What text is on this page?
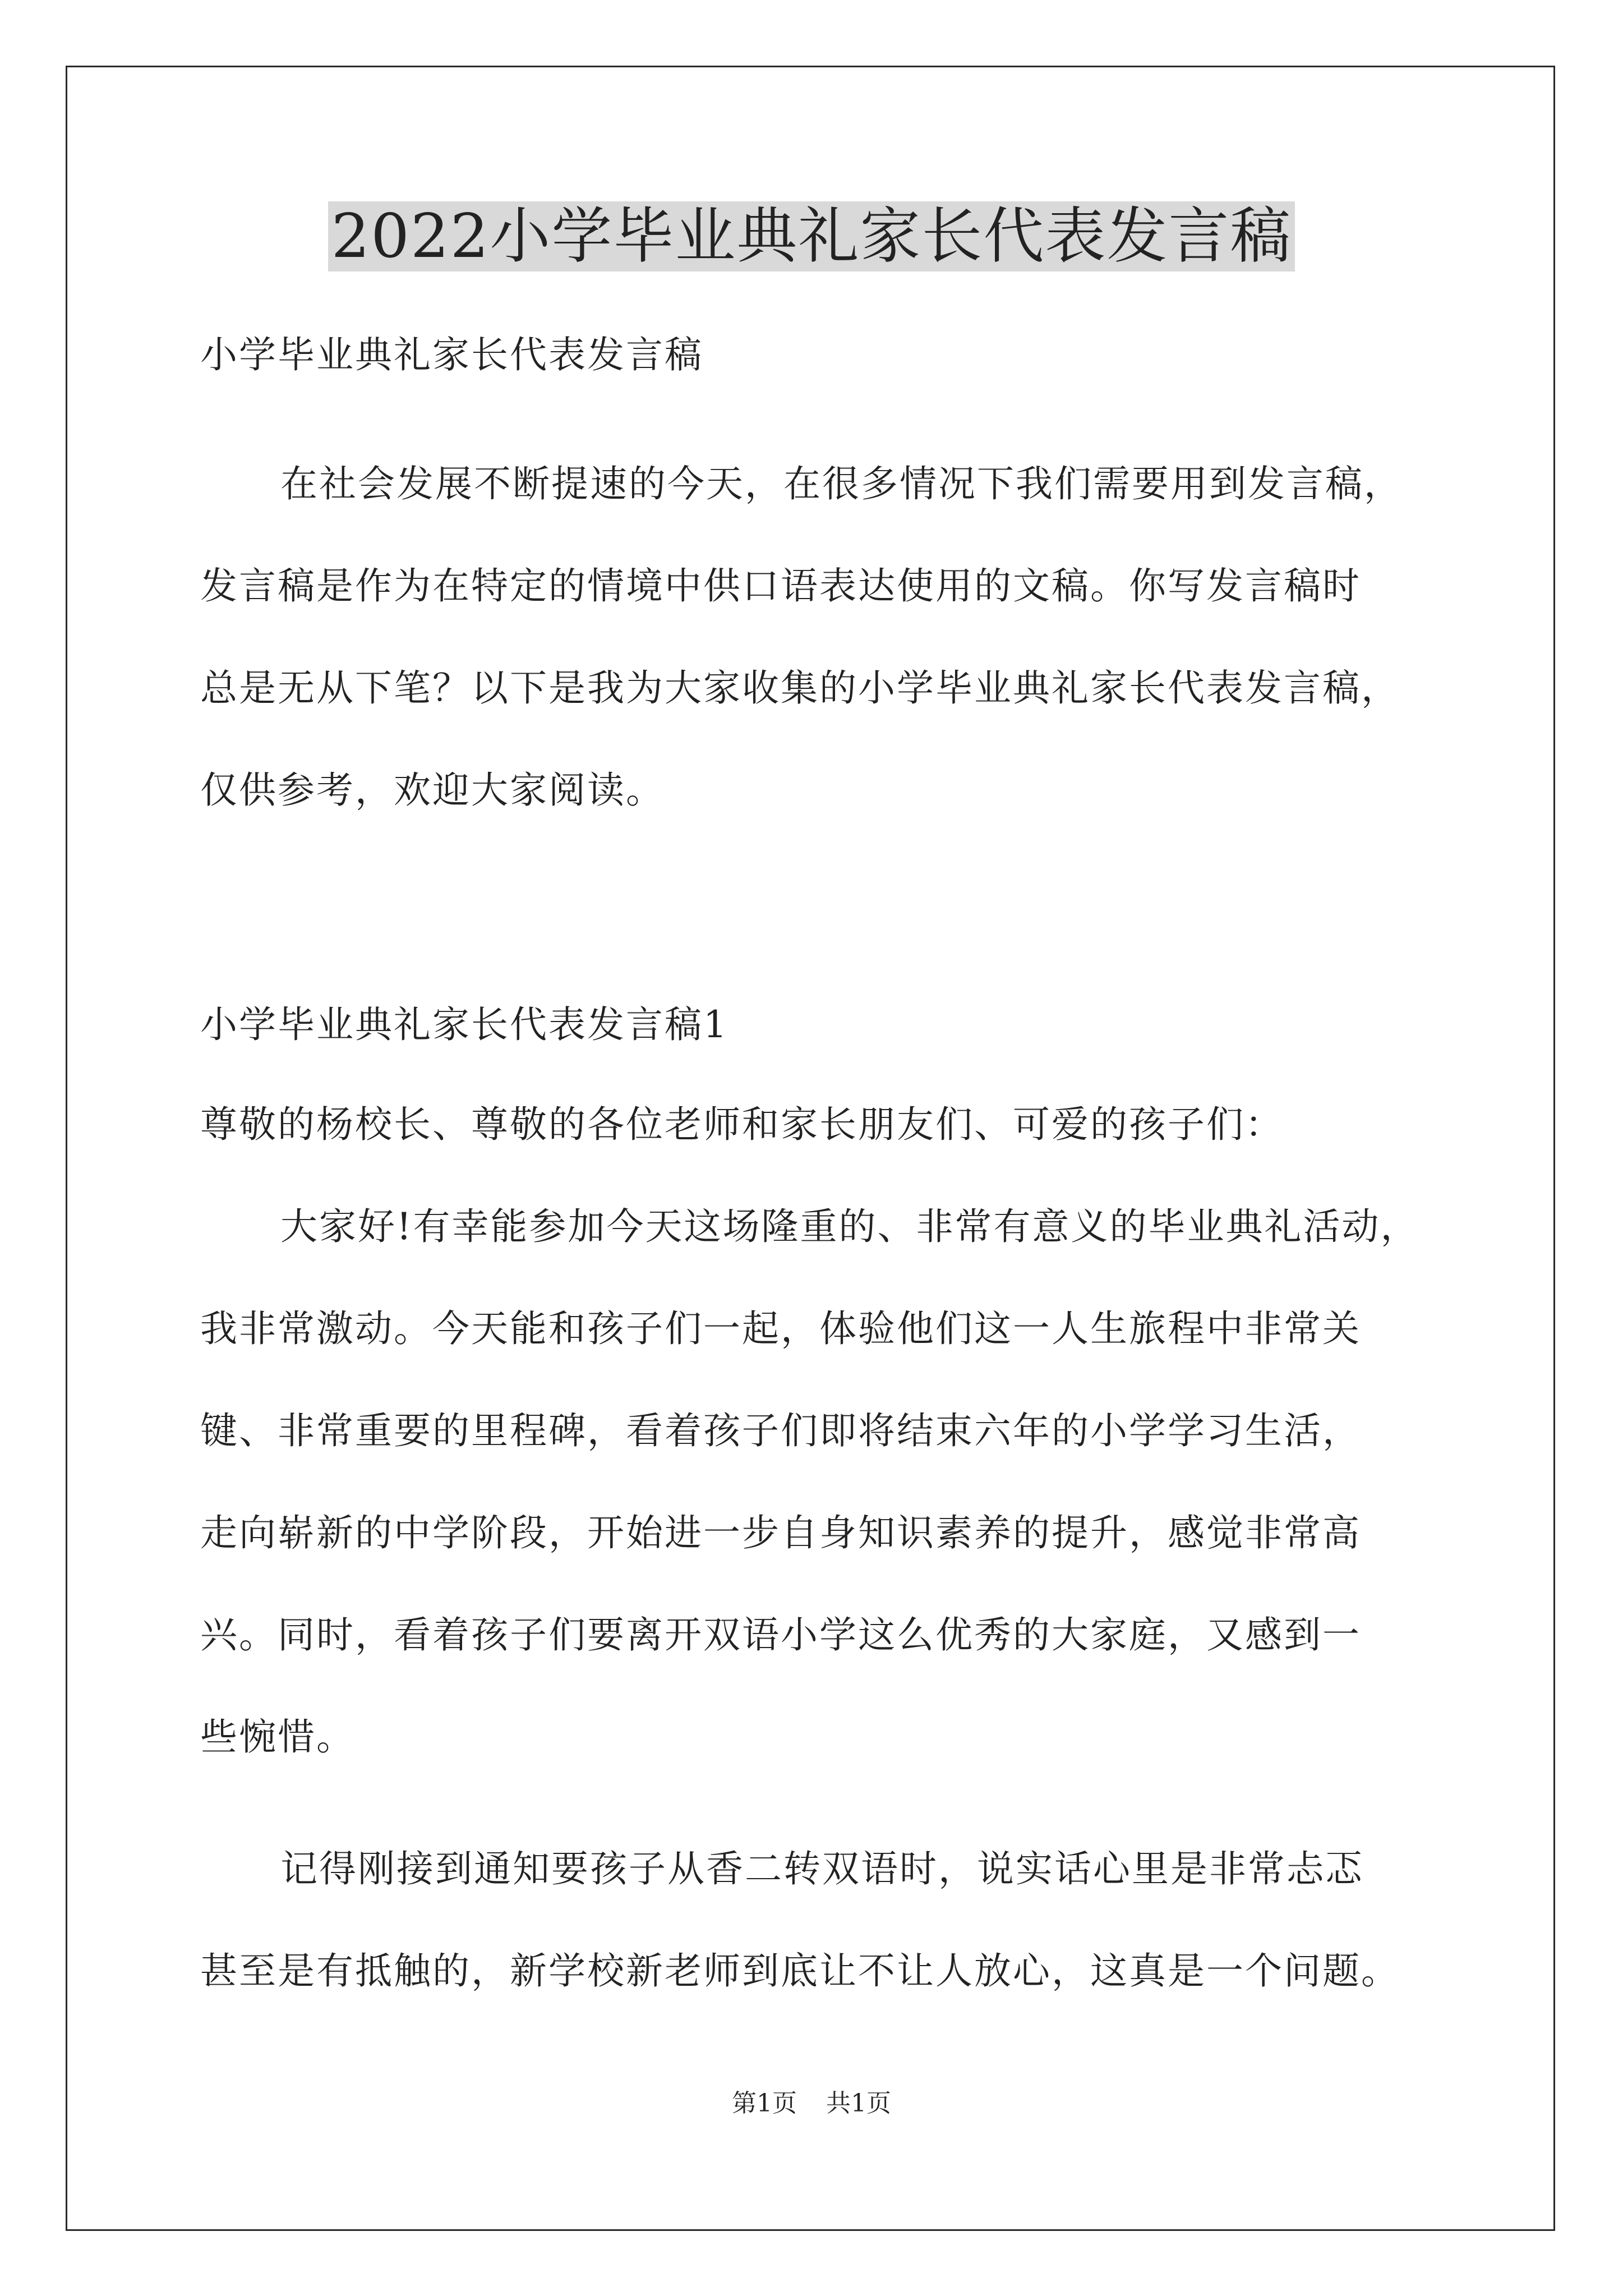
2022小学毕业典礼家长代表发言稿
小学毕业典礼家长代表发言稿
在社会发展不断提速的今天，在很多情况下我们需要用到发言稿，
发言稿是作为在特定的情境中供口语表达使用的文稿。你写发言稿时
总是无从下笔？以下是我为大家收集的小学毕业典礼家长代表发言稿，
仅供参考，欢迎大家阅读。
小学毕业典礼家长代表发言稿1
尊敬的杨校长、尊敬的各位老师和家长朋友们、可爱的孩子们：
大家好!有幸能参加今天这场隆重的、非常有意义的毕业典礼活动，
我非常激动。今天能和孩子们一起，体验他们这一人生旅程中非常关
键、非常重要的里程碑，看着孩子们即将结束六年的小学学习生活，
走向崭新的中学阶段，开始进一步自身知识素养的提升，感觉非常高
兴。同时，看着孩子们要离开双语小学这么优秀的大家庭，又感到一
些惋惜。
记得刚接到通知要孩子从香二转双语时，说实话心里是非常忐忑
甚至是有抵触的，新学校新老师到底让不让人放心，这真是一个问题。
第1页 共1页
